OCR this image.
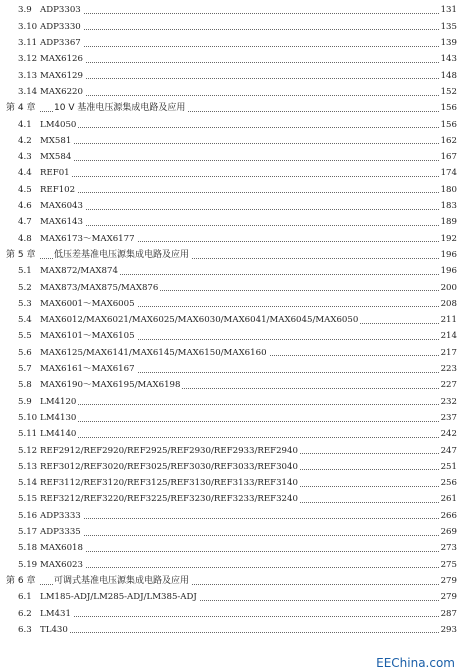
3.9 ADP3303	131
3.10 ADP3330	135
3.11 ADP3367	139
3.12 MAX6126	143
3.13 MAX6129	148
3.14 MAX6220	152
第 4 章 10 V 基准电压源集成电路及应用	156
4.1 LM4050	156
4.2 MX581	162
4.3 MX584	167
4.4 REF01	174
4.5 REF102	180
4.6 MAX6043	183
4.7 MAX6143	189
4.8 MAX6173～MAX6177	192
第 5 章 低压差基准电压源集成电路及应用	196
5.1 MAX872/MAX874	196
5.2 MAX873/MAX875/MAX876	200
5.3 MAX6001～MAX6005	208
5.4 MAX6012/MAX6021/MAX6025/MAX6030/MAX6041/MAX6045/MAX6050	211
5.5 MAX6101～MAX6105	214
5.6 MAX6125/MAX6141/MAX6145/MAX6150/MAX6160	217
5.7 MAX6161～MAX6167	223
5.8 MAX6190～MAX6195/MAX6198	227
5.9 LM4120	232
5.10 LM4130	237
5.11 LM4140	242
5.12 REF2912/REF2920/REF2925/REF2930/REF2933/REF2940	247
5.13 REF3012/REF3020/REF3025/REF3030/REF3033/REF3040	251
5.14 REF3112/REF3120/REF3125/REF3130/REF3133/REF3140	256
5.15 REF3212/REF3220/REF3225/REF3230/REF3233/REF3240	261
5.16 ADP3333	266
5.17 ADP3335	269
5.18 MAX6018	273
5.19 MAX6023	275
第 6 章 可调式基准电压源集成电路及应用	279
6.1 LM185-ADJ/LM285-ADJ/LM385-ADJ	279
6.2 LM431	287
6.3 TL430	293
EEChina.com
